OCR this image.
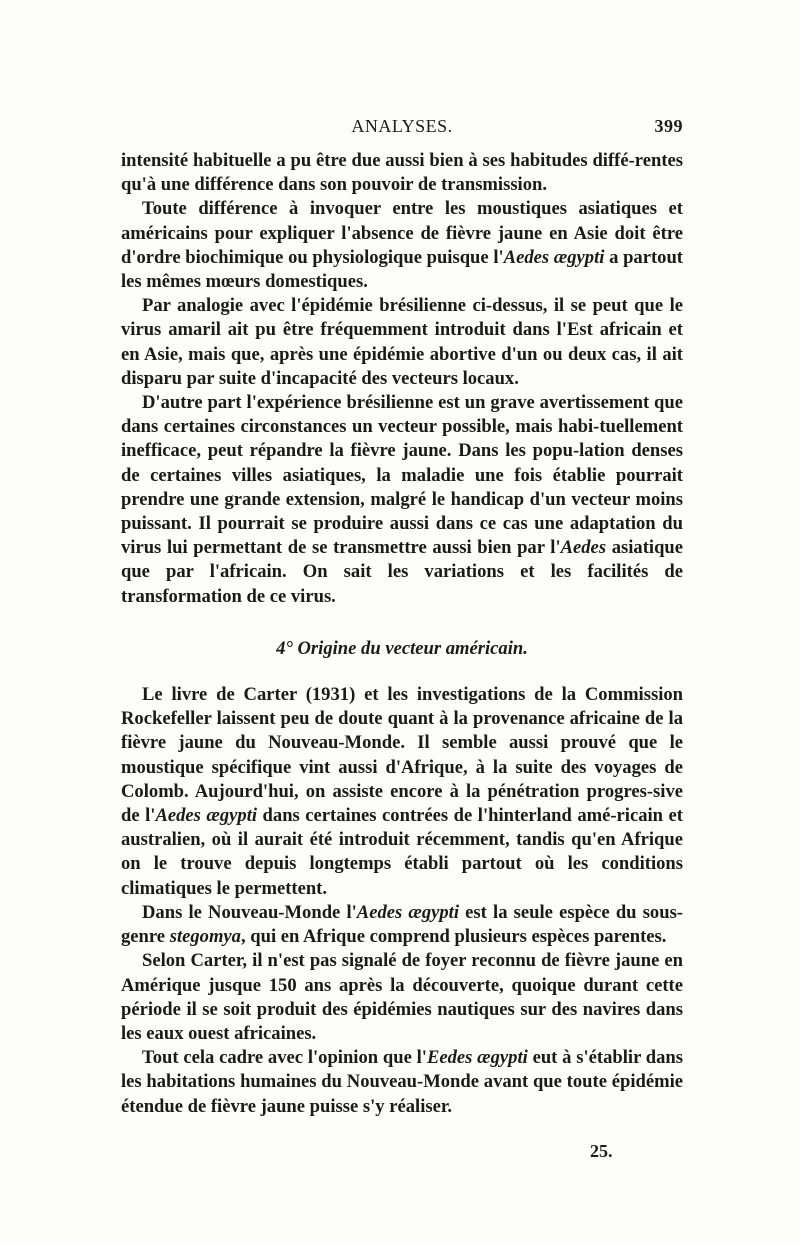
ANALYSES.	399

intensité habituelle a pu être due aussi bien à ses habitudes diffé-rentes qu'à une différence dans son pouvoir de transmission.

Toute différence à invoquer entre les moustiques asiatiques et américains pour expliquer l'absence de fièvre jaune en Asie doit être d'ordre biochimique ou physiologique puisque l'Aedes ægypti a partout les mêmes mœurs domestiques.

Par analogie avec l'épidémie brésilienne ci-dessus, il se peut que le virus amaril ait pu être fréquemment introduit dans l'Est africain et en Asie, mais que, après une épidémie abortive d'un ou deux cas, il ait disparu par suite d'incapacité des vecteurs locaux.

D'autre part l'expérience brésilienne est un grave avertissement que dans certaines circonstances un vecteur possible, mais habi-tuellement inefficace, peut répandre la fièvre jaune. Dans les popu-lation denses de certaines villes asiatiques, la maladie une fois établie pourrait prendre une grande extension, malgré le handicap d'un vecteur moins puissant. Il pourrait se produire aussi dans ce cas une adaptation du virus lui permettant de se transmettre aussi bien par l'Aedes asiatique que par l'africain. On sait les variations et les facilités de transformation de ce virus.

4° Origine du vecteur américain.

Le livre de Carter (1931) et les investigations de la Commission Rockefeller laissent peu de doute quant à la provenance africaine de la fièvre jaune du Nouveau-Monde. Il semble aussi prouvé que le moustique spécifique vint aussi d'Afrique, à la suite des voyages de Colomb. Aujourd'hui, on assiste encore à la pénétration progres-sive de l'Aedes ægypti dans certaines contrées de l'hinterland amé-ricain et australien, où il aurait été introduit récemment, tandis qu'en Afrique on le trouve depuis longtemps établi partout où les conditions climatiques le permettent.

Dans le Nouveau-Monde l'Aedes ægypti est la seule espèce du sous-genre stegomya, qui en Afrique comprend plusieurs espèces parentes.

Selon Carter, il n'est pas signalé de foyer reconnu de fièvre jaune en Amérique jusque 150 ans après la découverte, quoique durant cette période il se soit produit des épidémies nautiques sur des navires dans les eaux ouest africaines.

Tout cela cadre avec l'opinion que l'Eedes ægypti eut à s'établir dans les habitations humaines du Nouveau-Monde avant que toute épidémie étendue de fièvre jaune puisse s'y réaliser.

25.
